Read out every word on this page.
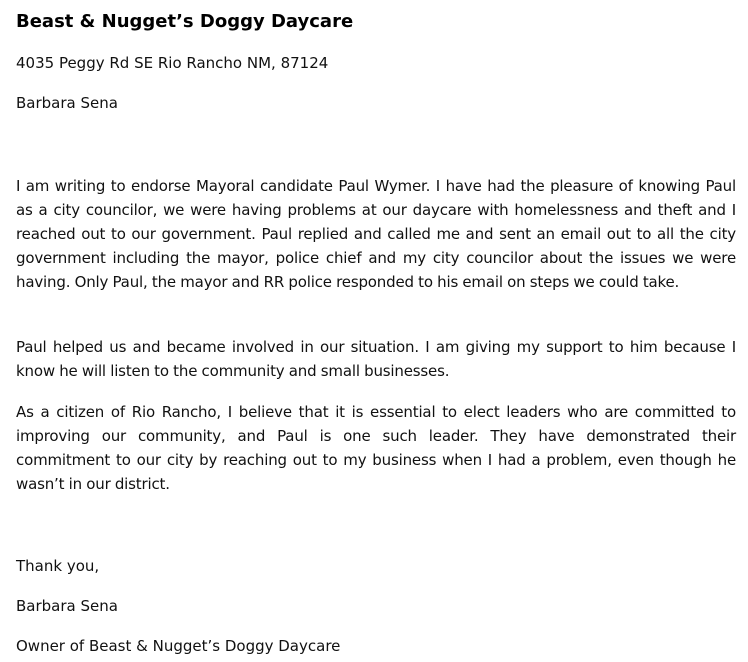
Beast & Nugget’s Doggy Daycare
4035 Peggy Rd SE Rio Rancho NM, 87124
Barbara Sena
I am writing to endorse Mayoral candidate Paul Wymer. I have had the pleasure of knowing Paul as a city councilor, we were having problems at our daycare with homelessness and theft and I reached out to our government. Paul replied and called me and sent an email out to all the city government including the mayor, police chief and my city councilor about the issues we were having. Only Paul, the mayor and RR police responded to his email on steps we could take.
Paul helped us and became involved in our situation. I am giving my support to him because I know he will listen to the community and small businesses.
As a citizen of Rio Rancho, I believe that it is essential to elect leaders who are committed to improving our community, and Paul is one such leader. They have demonstrated their commitment to our city by reaching out to my business when I had a problem, even though he wasn’t in our district.
Thank you,
Barbara Sena
Owner of Beast & Nugget’s Doggy Daycare
